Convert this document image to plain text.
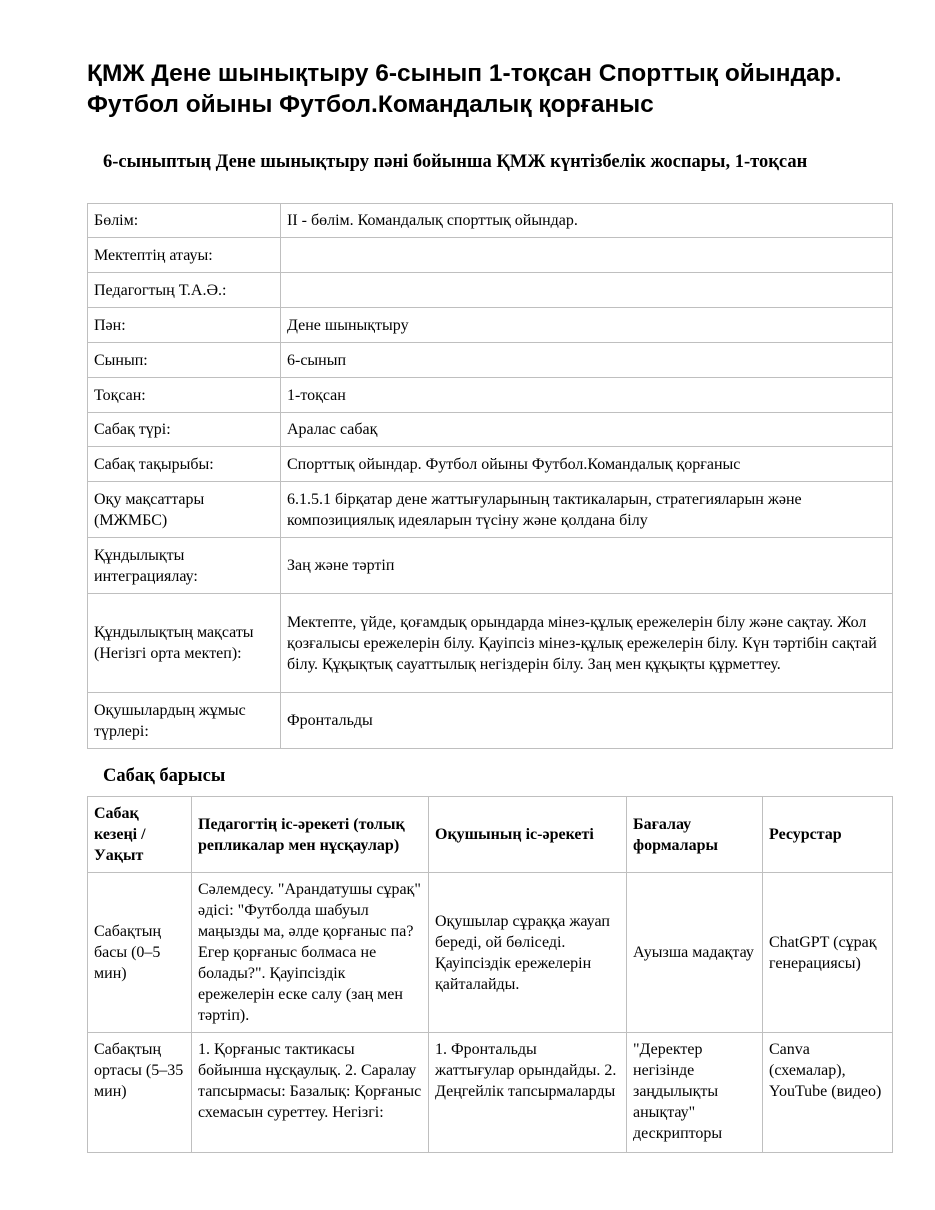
ҚМЖ Дене шынықтыру 6-сынып 1-тоқсан Спорттық ойындар. Футбол ойыны Футбол.Командалық қорғаныс
6-сыныптың Дене шынықтыру пәні бойынша ҚМЖ күнтізбелік жоспары, 1-тоқсан
Бөлім:	ІІ - бөлім. Командалық спорттық ойындар.
Мектептің атауы:	
Педагогтың Т.А.Ә.:	
Пән:	Дене шынықтыру
Сынып:	6-сынып
Тоқсан:	1-тоқсан
Сабақ түрі:	Аралас сабақ
Сабақ тақырыбы:	Спорттық ойындар. Футбол ойыны Футбол.Командалық қорғаныс
Оқу мақсаттары (МЖМБС)	6.1.5.1 бірқатар дене жаттығуларының тактикаларын, стратегияларын және композициялық идеяларын түсіну және қолдана білу
Құндылықты интеграциялау:	Заң және тәртіп
Құндылықтың мақсаты (Негізгі орта мектеп):	Мектепте, үйде, қоғамдық орындарда мінез-құлық ережелерін білу және сақтау. Жол қозғалысы ережелерін білу. Қауіпсіз мінез-құлық ережелерін білу. Күн тәртібін сақтай білу. Құқықтық сауаттылық негіздерін білу. Заң мен құқықты құрметтеу.
Оқушылардың жұмыс түрлері:	Фронтальды
Сабақ барысы
Сабақ кезеңі / Уақыт	Педагогтің іс-әрекеті (толық репликалар мен нұсқаулар)	Оқушының іс-әрекеті	Бағалау формалары	Ресурстар
Сабақтың басы (0–5 мин)	Сәлемдесу. "Арандатушы сұрақ" әдісі: "Футболда шабуыл маңызды ма, әлде қорғаныс па? Егер қорғаныс болмаса не болады?". Қауіпсіздік ережелерін еске салу (заң мен тәртіп).	Оқушылар сұраққа жауап береді, ой бөліседі. Қауіпсіздік ережелерін қайталайды.	Ауызша мадақтау	ChatGPT (сұрақ генерациясы)
Сабақтың ортасы (5–35 мин)	1. Қорғаныс тактикасы бойынша нұсқаулық. 2. Саралау тапсырмасы: Базалық: Қорғаныс схемасын суреттеу. Негізгі:	1. Фронтальды жаттығулар орындайды. 2. Деңгейлік тапсырмаларды	"Деректер негізінде заңдылықты анықтау" дескрипторы	Canva (схемалар), YouTube (видео)
